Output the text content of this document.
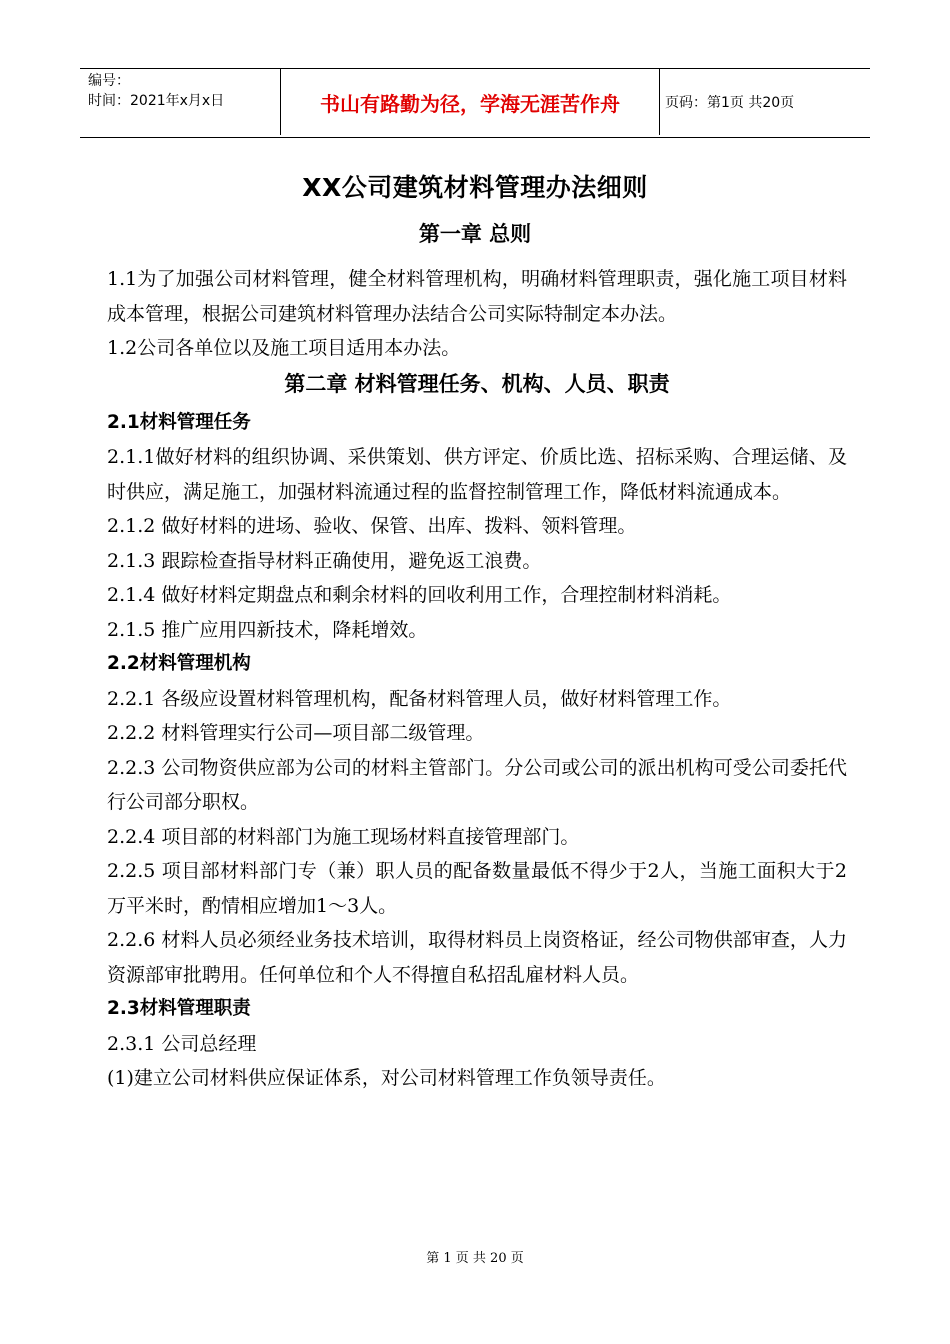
编号：
时间：2021年x月x日	书山有路勤为径，学海无涯苦作舟	页码：第1页 共20页
XX公司建筑材料管理办法细则
第一章 总则

1.1为了加强公司材料管理，健全材料管理机构，明确材料管理职责，强化施工项目材料成本管理，根据公司建筑材料管理办法结合公司实际特制定本办法。

1.2公司各单位以及施工项目适用本办法。

第二章 材料管理任务、机构、人员、职责

2.1材料管理任务

2.1.1做好材料的组织协调、采供策划、供方评定、价质比选、招标采购、合理运储、及时供应，满足施工，加强材料流通过程的监督控制管理工作，降低材料流通成本。

2.1.2 做好材料的进场、验收、保管、出库、拨料、领料管理。

2.1.3 跟踪检查指导材料正确使用，避免返工浪费。

2.1.4 做好材料定期盘点和剩余材料的回收利用工作，合理控制材料消耗。

2.1.5 推广应用四新技术，降耗增效。

2.2材料管理机构

2.2.1 各级应设置材料管理机构，配备材料管理人员，做好材料管理工作。

2.2.2 材料管理实行公司—项目部二级管理。

2.2.3 公司物资供应部为公司的材料主管部门。分公司或公司的派出机构可受公司委托代行公司部分职权。

2.2.4 项目部的材料部门为施工现场材料直接管理部门。

2.2.5 项目部材料部门专（兼）职人员的配备数量最低不得少于2人，当施工面积大于2万平米时，酌情相应增加1～3人。

2.2.6 材料人员必须经业务技术培训，取得材料员上岗资格证，经公司物供部审查，人力资源部审批聘用。任何单位和个人不得擅自私招乱雇材料人员。

2.3材料管理职责

2.3.1 公司总经理

(1)建立公司材料供应保证体系，对公司材料管理工作负领导责任。

第 1 页 共 20 页
